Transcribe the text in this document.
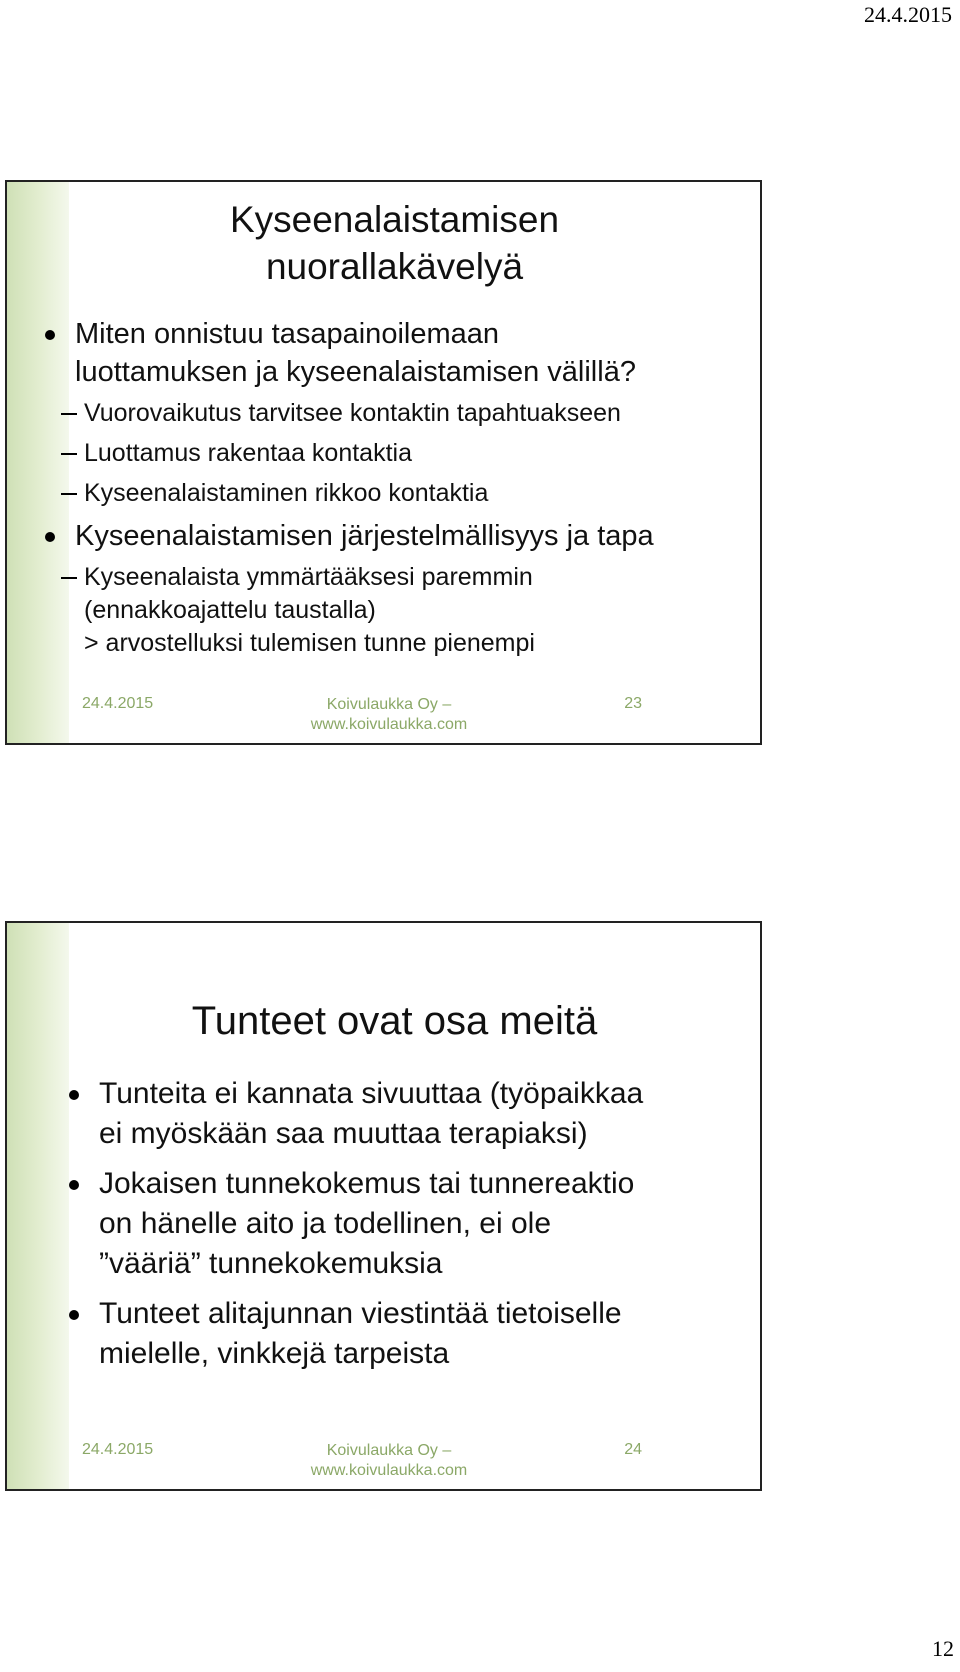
24.4.2015
Kyseenalaistamisen
nuorallakävelyä
Miten onnistuu tasapainoilemaan
luottamuksen ja kyseenalaistamisen välillä?
Vuorovaikutus tarvitsee kontaktin tapahtuakseen
Luottamus rakentaa kontaktia
Kyseenalaistaminen rikkoo kontaktia
Kyseenalaistamisen järjestelmällisyys ja tapa
Kyseenalaista ymmärtääksesi paremmin
(ennakkoajattelu taustalla)
> arvostelluksi tulemisen tunne pienempi
24.4.2015	Koivulaukka Oy –
www.koivulaukka.com
23
Tunteet ovat osa meitä
Tunteita ei kannata sivuuttaa (työpaikkaa
ei myöskään saa muuttaa terapiaksi)
Jokaisen tunnekokemus tai tunnereaktio
on hänelle aito ja todellinen, ei ole
”vääriä” tunnekokemuksia
Tunteet alitajunnan viestintää tietoiselle
mielelle, vinkkejä tarpeista
24.4.2015	Koivulaukka Oy –
www.koivulaukka.com
24
12
